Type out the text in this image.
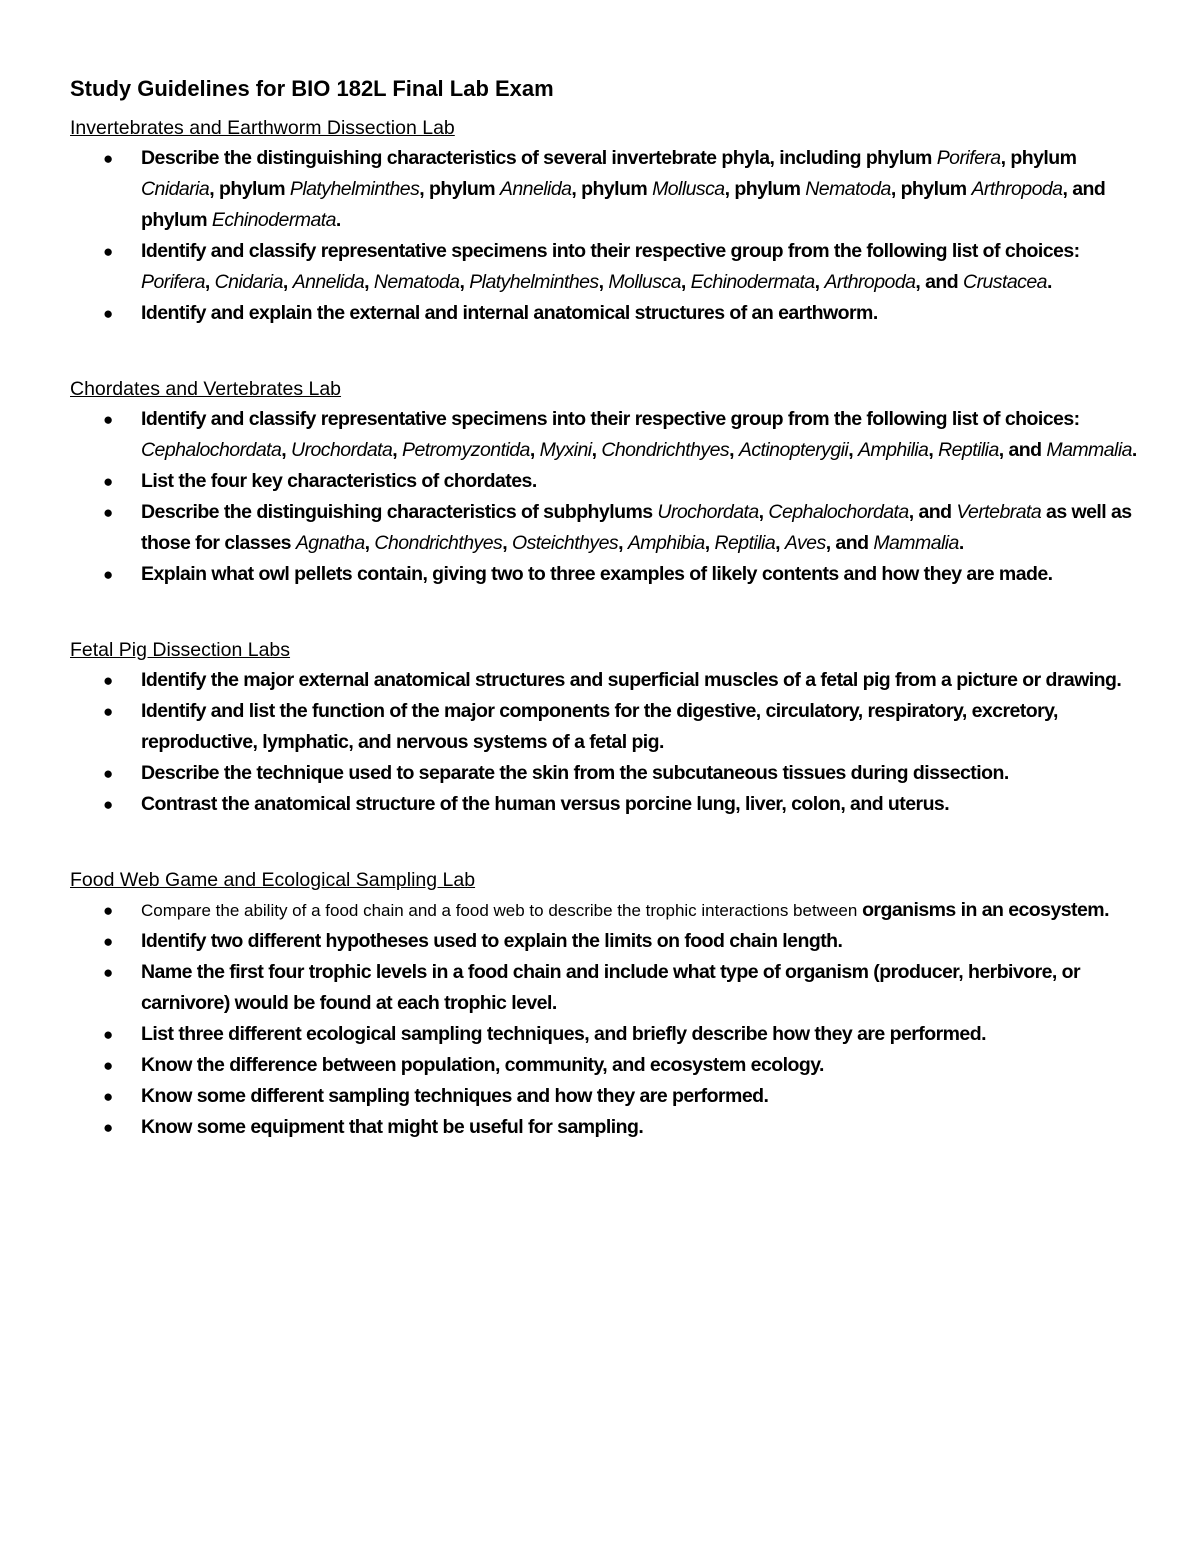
Study Guidelines for BIO 182L Final Lab Exam
Invertebrates and Earthworm Dissection Lab
● Describe the distinguishing characteristics of several invertebrate phyla, including phylum Porifera, phylum Cnidaria, phylum Platyhelminthes, phylum Annelida, phylum Mollusca, phylum Nematoda, phylum Arthropoda, and phylum Echinodermata.
● Identify and classify representative specimens into their respective group from the following list of choices: Porifera, Cnidaria, Annelida, Nematoda, Platyhelminthes, Mollusca, Echinodermata, Arthropoda, and Crustacea.
● Identify and explain the external and internal anatomical structures of an earthworm.
Chordates and Vertebrates Lab
● Identify and classify representative specimens into their respective group from the following list of choices: Cephalochordata, Urochordata, Petromyzontida, Myxini, Chondrichthyes, Actinopterygii, Amphilia, Reptilia, and Mammalia.
● List the four key characteristics of chordates.
● Describe the distinguishing characteristics of subphylums Urochordata, Cephalochordata, and Vertebrata as well as those for classes Agnatha, Chondrichthyes, Osteichthyes, Amphibia, Reptilia, Aves, and Mammalia.
● Explain what owl pellets contain, giving two to three examples of likely contents and how they are made.
Fetal Pig Dissection Labs
● Identify the major external anatomical structures and superficial muscles of a fetal pig from a picture or drawing.
● Identify and list the function of the major components for the digestive, circulatory, respiratory, excretory, reproductive, lymphatic, and nervous systems of a fetal pig.
● Describe the technique used to separate the skin from the subcutaneous tissues during dissection.
● Contrast the anatomical structure of the human versus porcine lung, liver, colon, and uterus.
Food Web Game and Ecological Sampling Lab
● Compare the ability of a food chain and a food web to describe the trophic interactions between organisms in an ecosystem.
● Identify two different hypotheses used to explain the limits on food chain length.
● Name the first four trophic levels in a food chain and include what type of organism (producer, herbivore, or carnivore) would be found at each trophic level.
● List three different ecological sampling techniques, and briefly describe how they are performed.
● Know the difference between population, community, and ecosystem ecology.
● Know some different sampling techniques and how they are performed.
● Know some equipment that might be useful for sampling.
